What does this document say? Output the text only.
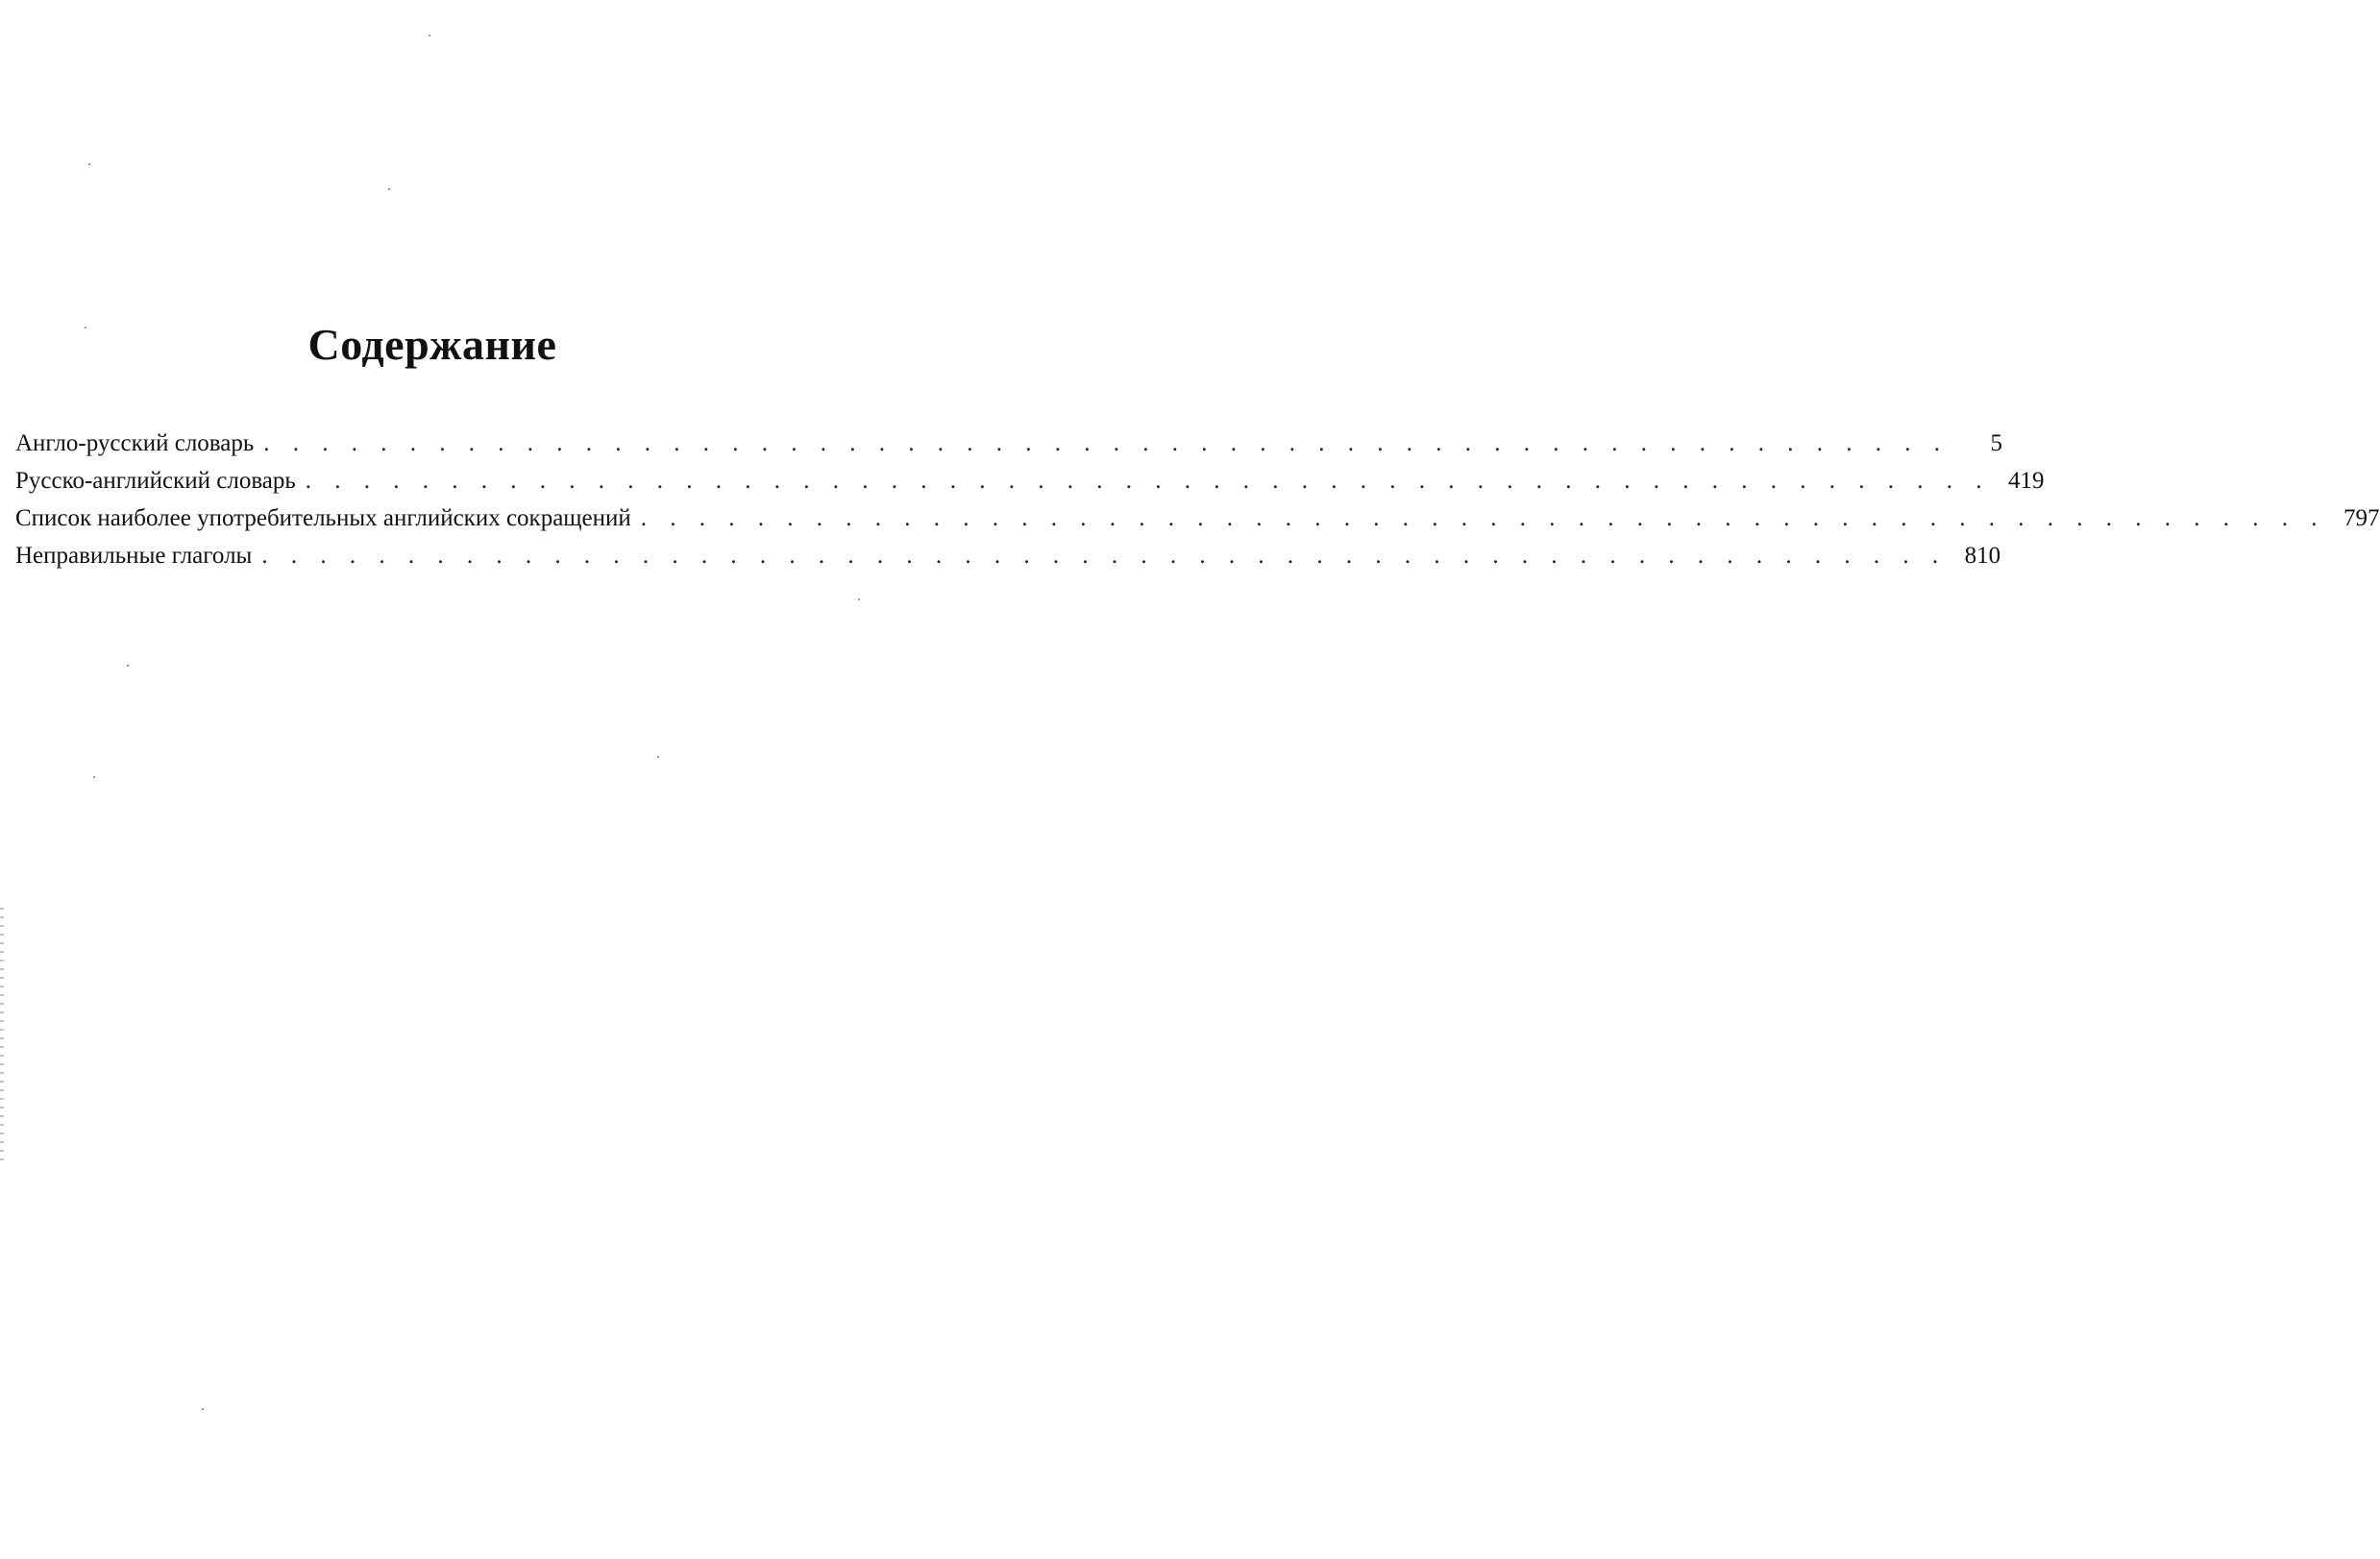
Содержание
Англо-русский словарь . . . . . . . . . . . . . . . . . . . . . . . . . . . . . . . . . . . . . . . . . . . . . . . . . . . . . . . . . .	5
Русско-английский словарь . . . . . . . . . . . . . . . . . . . . . . . . . . . . . . . . . . . . . . . . . . . . . . . . . . . . . . . . . . 419
Список наиболее употребительных английских сокращений . . . . . . . . . . . . . . . . . . . . . . . . . . . . . . . . . . . . . . . . . . . . . . . . . . . . . . . . . . 797
Неправильные глаголы . . . . . . . . . . . . . . . . . . . . . . . . . . . . . . . . . . . . . . . . . . . . . . . . . . . . . . . . . . 810
